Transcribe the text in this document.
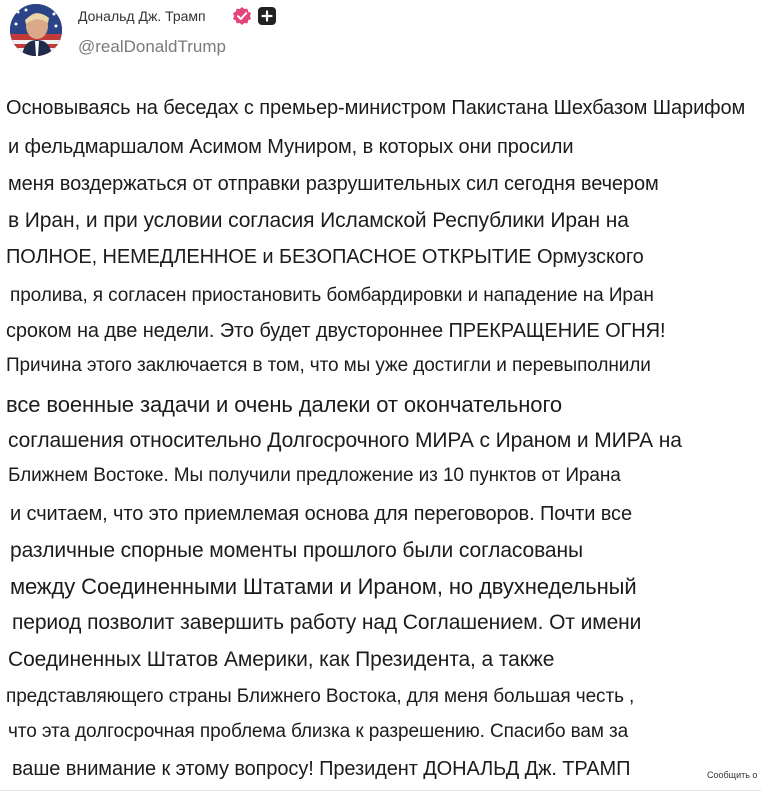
Дональд Дж. Трамп
@realDonaldTrump
Основываясь на беседах с премьер-министром Пакистана Шехбазом Шарифом
и фельдмаршалом Асимом Муниром, в которых они просили
меня воздержаться от отправки разрушительных сил сегодня вечером
в Иран, и при условии согласия Исламской Республики Иран на
ПОЛНОЕ, НЕМЕДЛЕННОЕ и БЕЗОПАСНОЕ ОТКРЫТИЕ Ормузского
пролива, я согласен приостановить бомбардировки и нападение на Иран
сроком на две недели. Это будет двустороннее ПРЕКРАЩЕНИЕ ОГНЯ!
Причина этого заключается в том, что мы уже достигли и перевыполнили
все военные задачи и очень далеки от окончательного
соглашения относительно Долгосрочного МИРА с Ираном и МИРА на
Ближнем Востоке. Мы получили предложение из 10 пунктов от Ирана
и считаем, что это приемлемая основа для переговоров. Почти все
различные спорные моменты прошлого были согласованы
между Соединенными Штатами и Ираном, но двухнедельный
период позволит завершить работу над Соглашением. От имени
Соединенных Штатов Америки, как Президента, а также
представляющего страны Ближнего Востока, для меня большая честь ,
что эта долгосрочная проблема близка к разрешению. Спасибо вам за
ваше внимание к этому вопросу! Президент ДОНАЛЬД Дж. ТРАМП	Сообщить о
